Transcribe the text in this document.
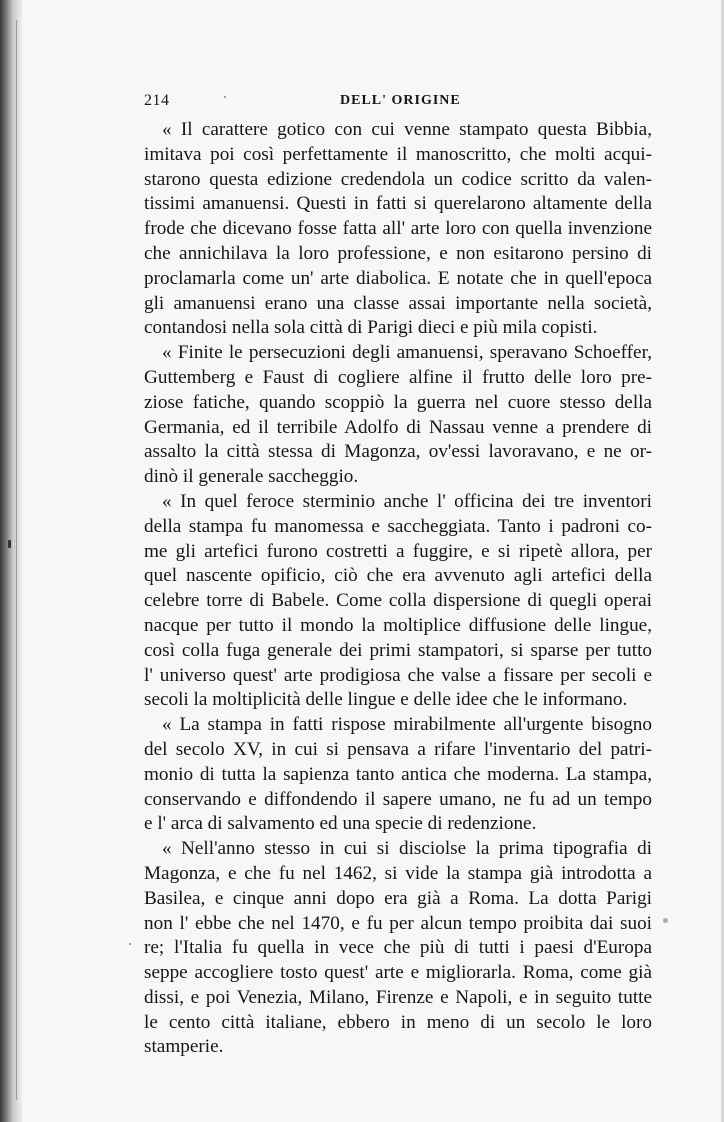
214	DELL' ORIGINE
« Il carattere gotico con cui venne stampato questa Bibbia,
imitava poi così perfettamente il manoscritto, che molti acqui-
starono questa edizione credendola un codice scritto da valen-
tissimi amanuensi. Questi in fatti si querelarono altamente della
frode che dicevano fosse fatta all' arte loro con quella invenzione
che annichilava la loro professione, e non esitarono persino di
proclamarla come un' arte diabolica. E notate che in quell'epoca
gli amanuensi erano una classe assai importante nella società,
contandosi nella sola città di Parigi dieci e più mila copisti.
« Finite le persecuzioni degli amanuensi, speravano Schoeffer,
Guttemberg e Faust di cogliere alfine il frutto delle loro pre-
ziose fatiche, quando scoppiò la guerra nel cuore stesso della
Germania, ed il terribile Adolfo di Nassau venne a prendere di
assalto la città stessa di Magonza, ov'essi lavoravano, e ne or-
dinò il generale saccheggio.
« In quel feroce sterminio anche l' officina dei tre inventori
della stampa fu manomessa e saccheggiata. Tanto i padroni co-
me gli artefici furono costretti a fuggire, e si ripetè allora, per
quel nascente opificio, ciò che era avvenuto agli artefici della
celebre torre di Babele. Come colla dispersione di quegli operai
nacque per tutto il mondo la moltiplice diffusione delle lingue,
così colla fuga generale dei primi stampatori, si sparse per tutto
l' universo quest' arte prodigiosa che valse a fissare per secoli e
secoli la moltiplicità delle lingue e delle idee che le informano.
« La stampa in fatti rispose mirabilmente all'urgente bisogno
del secolo XV, in cui si pensava a rifare l'inventario del patri-
monio di tutta la sapienza tanto antica che moderna. La stampa,
conservando e diffondendo il sapere umano, ne fu ad un tempo
e l' arca di salvamento ed una specie di redenzione.
« Nell'anno stesso in cui si disciolse la prima tipografia di
Magonza, e che fu nel 1462, si vide la stampa già introdotta a
Basilea, e cinque anni dopo era già a Roma. La dotta Parigi
non l' ebbe che nel 1470, e fu per alcun tempo proibita dai suoi
re; l'Italia fu quella in vece che più di tutti i paesi d'Europa
seppe accogliere tosto quest' arte e migliorarla. Roma, come già
dissi, e poi Venezia, Milano, Firenze e Napoli, e in seguito tutte
le cento città italiane, ebbero in meno di un secolo le loro
stamperie.
